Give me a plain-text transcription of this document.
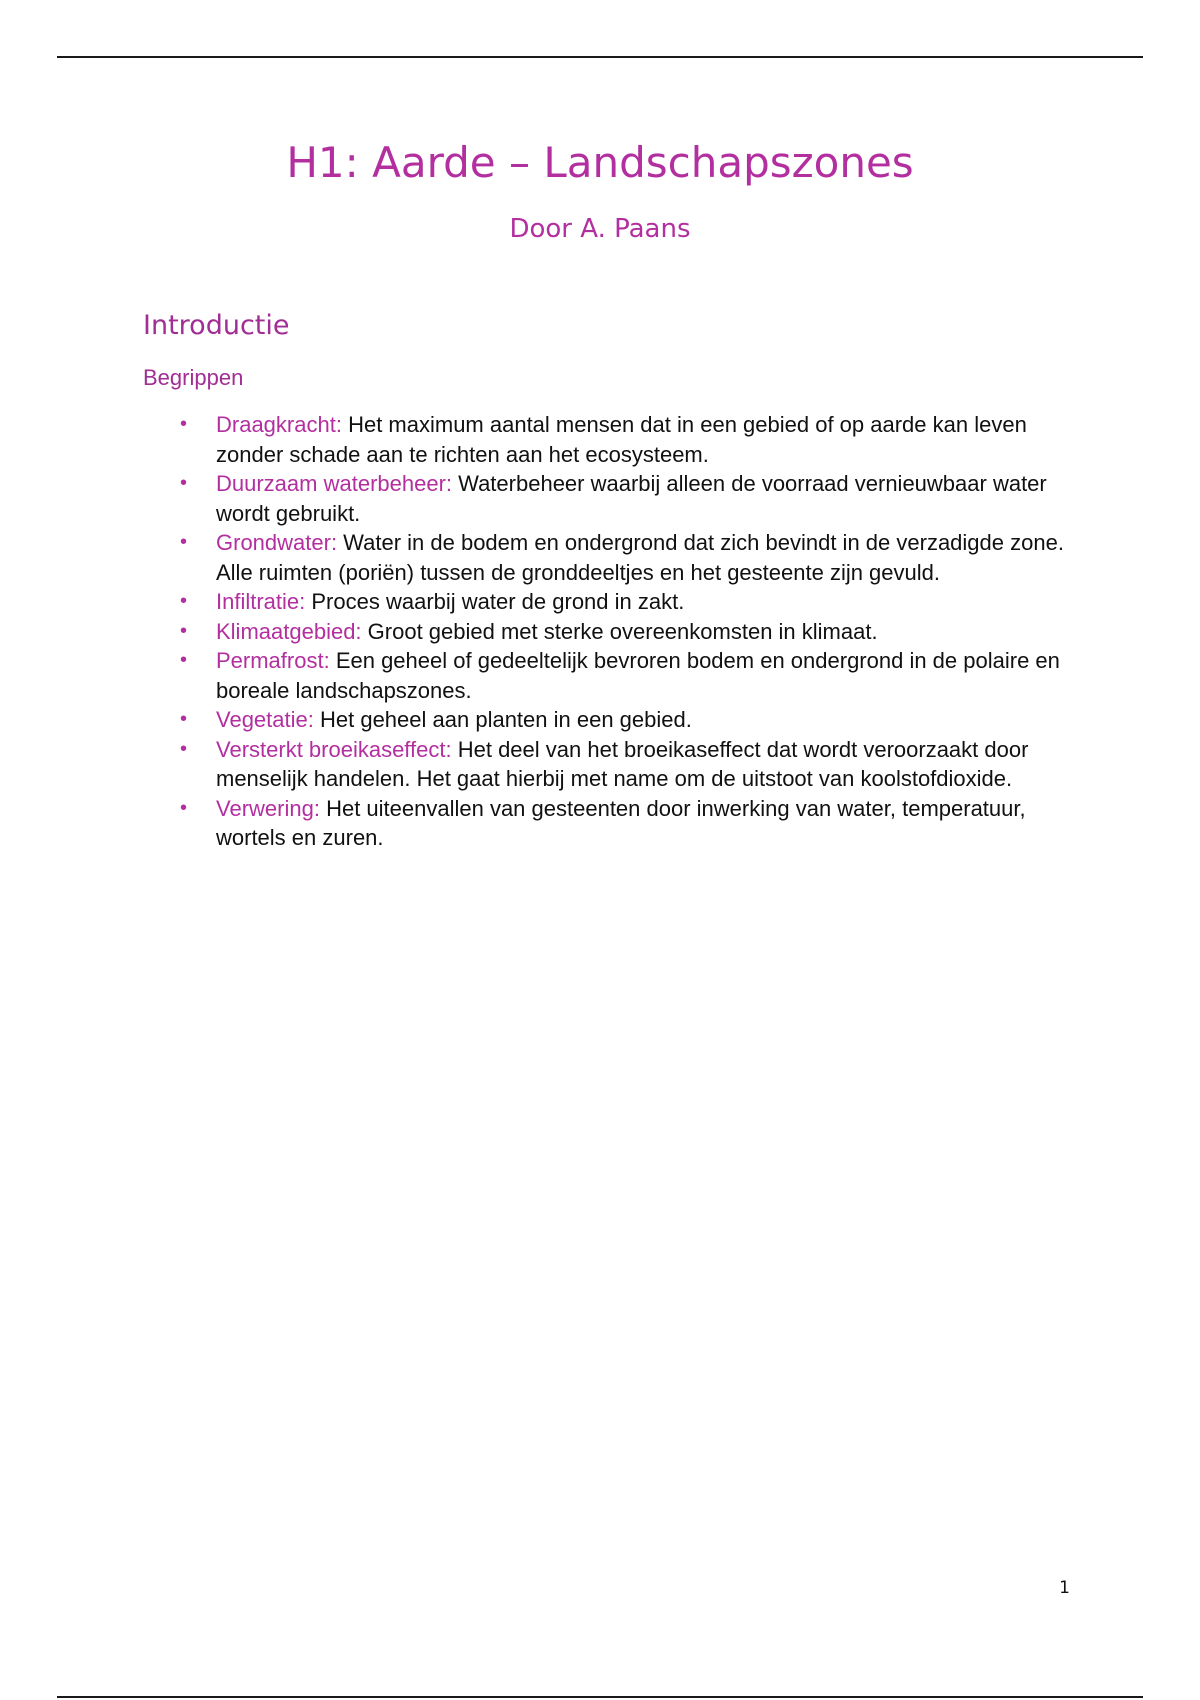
H1: Aarde – Landschapszones
Door A. Paans
Introductie
Begrippen
• Draagkracht: Het maximum aantal mensen dat in een gebied of op aarde kan leven zonder schade aan te richten aan het ecosysteem.
• Duurzaam waterbeheer: Waterbeheer waarbij alleen de voorraad vernieuwbaar water wordt gebruikt.
• Grondwater: Water in de bodem en ondergrond dat zich bevindt in de verzadigde zone. Alle ruimten (poriën) tussen de gronddeeltjes en het gesteente zijn gevuld.
• Infiltratie: Proces waarbij water de grond in zakt.
• Klimaatgebied: Groot gebied met sterke overeenkomsten in klimaat.
• Permafrost: Een geheel of gedeeltelijk bevroren bodem en ondergrond in de polaire en boreale landschapszones.
• Vegetatie: Het geheel aan planten in een gebied.
• Versterkt broeikaseffect: Het deel van het broeikaseffect dat wordt veroorzaakt door menselijk handelen. Het gaat hierbij met name om de uitstoot van koolstofdioxide.
• Verwering: Het uiteenvallen van gesteenten door inwerking van water, temperatuur, wortels en zuren.
1
